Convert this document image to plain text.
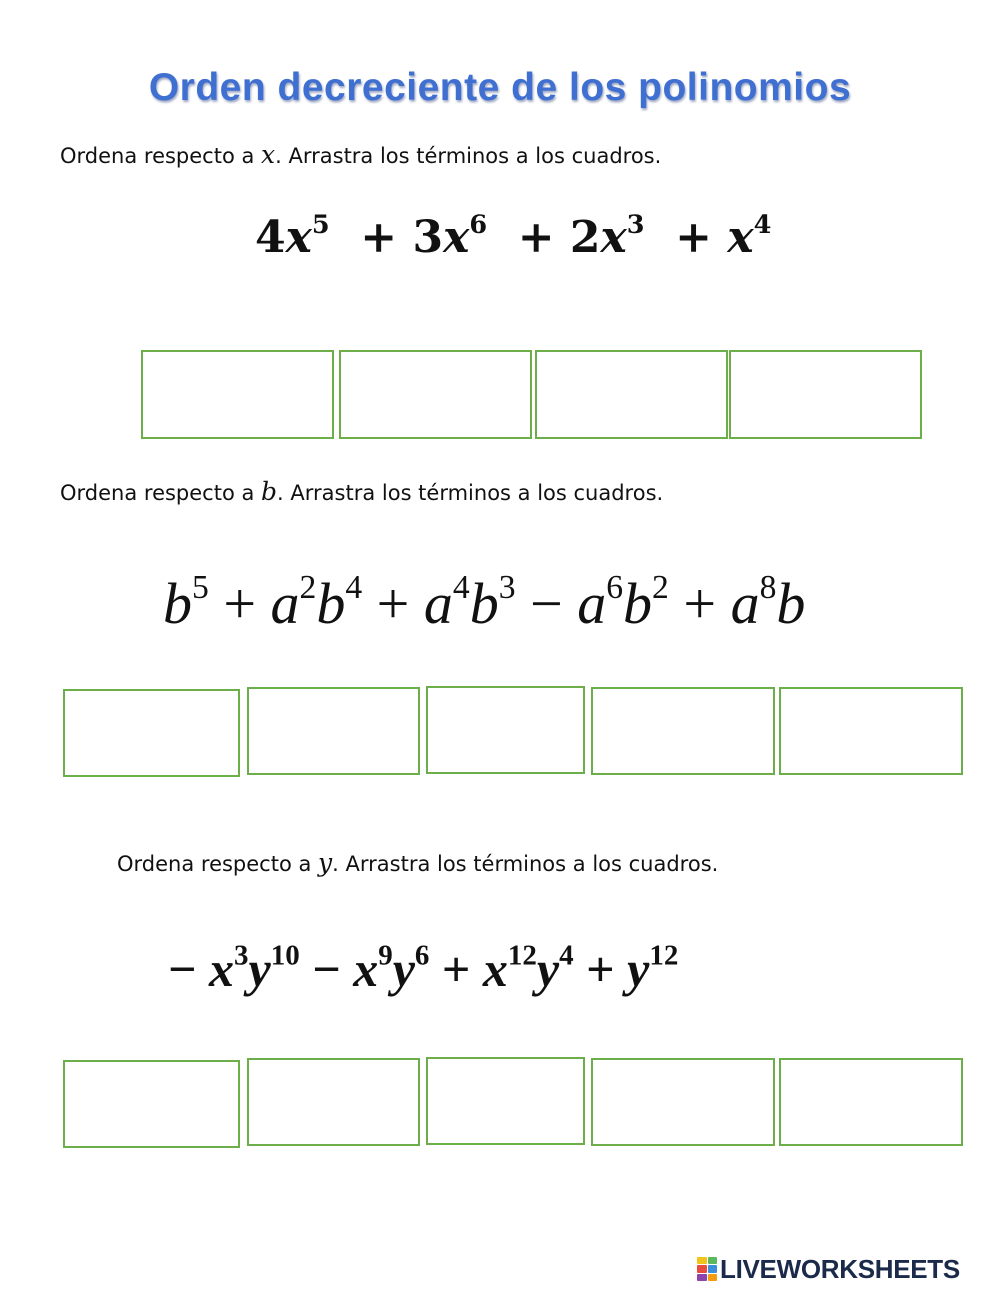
Orden decreciente de los polinomios
Ordena respecto a x. Arrastra los términos a los cuadros.
$4x^5 + 3x^6 + 2x^3 + x^4$
Ordena respecto a b. Arrastra los términos a los cuadros.
$b^5 + a^2b^4 + a^4b^3 - a^6b^2 + a^8b$
Ordena respecto a y. Arrastra los términos a los cuadros.
− $x^3y^{10} - x^9y^6 + x^{12}y^4 + y^{12}$
LIVEWORKSHEETS
